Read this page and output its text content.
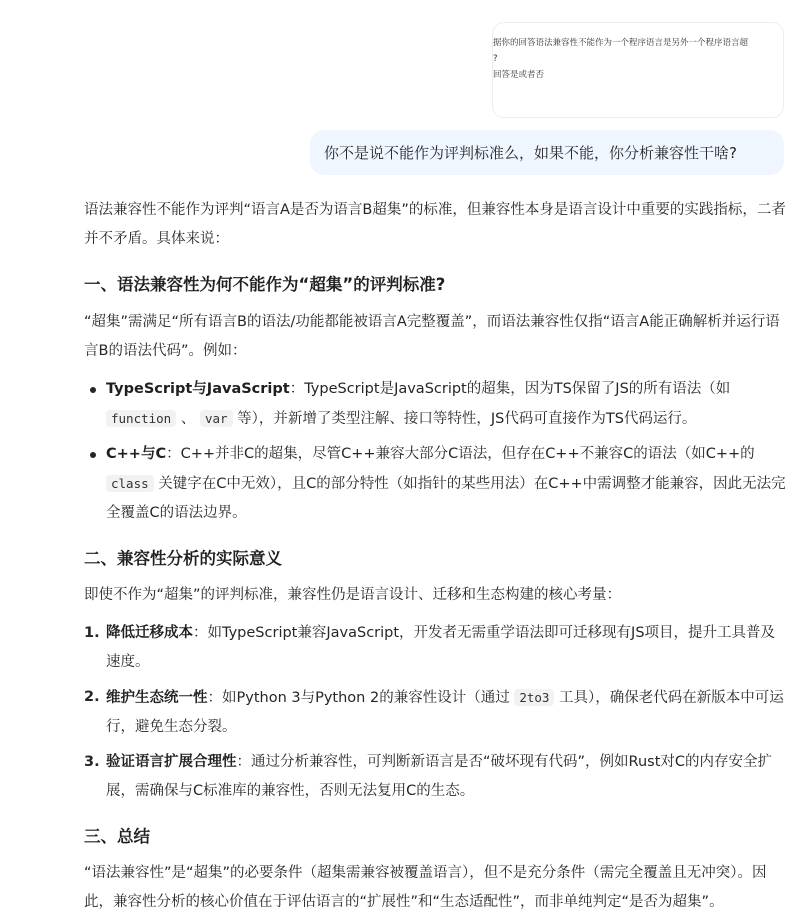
据你的回答语法兼容性不能作为一个程序语言是另外一个程序语言超
?
回答是或者否
你不是说不能作为评判标准么，如果不能，你分析兼容性干啥?

语法兼容性不能作为评判“语言A是否为语言B超集”的标准，但兼容性本身是语言设计中重要的实践指标，二者并不矛盾。具体来说：

一、语法兼容性为何不能作为“超集”的评判标准?

“超集”需满足“所有语言B的语法/功能都能被语言A完整覆盖”，而语法兼容性仅指“语言A能正确解析并运行语言B的语法代码”。例如：

TypeScript与JavaScript：TypeScript是JavaScript的超集，因为TS保留了JS的所有语法（如 function 、 var 等），并新增了类型注解、接口等特性，JS代码可直接作为TS代码运行。
C++与C：C++并非C的超集，尽管C++兼容大部分C语法，但存在C++不兼容C的语法（如C++的 class 关键字在C中无效），且C的部分特性（如指针的某些用法）在C++中需调整才能兼容，因此无法完全覆盖C的语法边界。
二、兼容性分析的实际意义

即使不作为“超集”的评判标准，兼容性仍是语言设计、迁移和生态构建的核心考量：

1. 降低迁移成本：如TypeScript兼容JavaScript，开发者无需重学语法即可迁移现有JS项目，提升工具普及速度。
2. 维护生态统一性：如Python 3与Python 2的兼容性设计（通过 2to3 工具），确保老代码在新版本中可运行，避免生态分裂。
3. 验证语言扩展合理性：通过分析兼容性，可判断新语言是否“破坏现有代码”，例如Rust对C的内存安全扩展，需确保与C标准库的兼容性，否则无法复用C的生态。
三、总结

“语法兼容性”是“超集”的必要条件（超集需兼容被覆盖语言），但不是充分条件（需完全覆盖且无冲突）。因此，兼容性分析的核心价值在于评估语言的“扩展性”和“生态适配性”，而非单纯判定“是否为超集”。
